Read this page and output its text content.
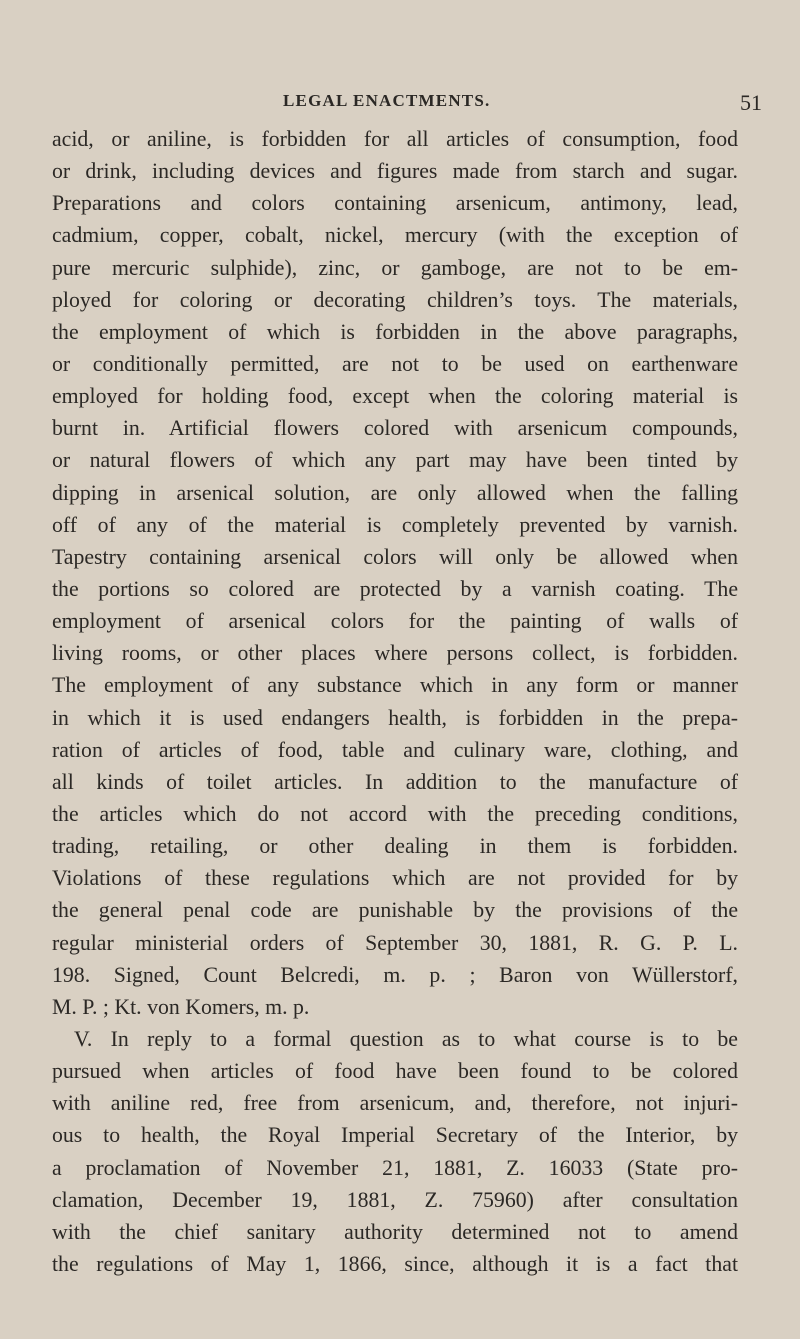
LEGAL ENACTMENTS.	51
acid, or aniline, is forbidden for all articles of consumption, food
or drink, including devices and figures made from starch and sugar.
Preparations and colors containing arsenicum, antimony, lead,
cadmium, copper, cobalt, nickel, mercury (with the exception of
pure mercuric sulphide), zinc, or gamboge, are not to be em-
ployed for coloring or decorating children’s toys. The materials,
the employment of which is forbidden in the above paragraphs,
or conditionally permitted, are not to be used on earthenware
employed for holding food, except when the coloring material is
burnt in. Artificial flowers colored with arsenicum compounds,
or natural flowers of which any part may have been tinted by
dipping in arsenical solution, are only allowed when the falling
off of any of the material is completely prevented by varnish.
Tapestry containing arsenical colors will only be allowed when
the portions so colored are protected by a varnish coating. The
employment of arsenical colors for the painting of walls of
living rooms, or other places where persons collect, is forbidden.
The employment of any substance which in any form or manner
in which it is used endangers health, is forbidden in the prepa-
ration of articles of food, table and culinary ware, clothing, and
all kinds of toilet articles. In addition to the manufacture of
the articles which do not accord with the preceding conditions,
trading, retailing, or other dealing in them is forbidden.
Violations of these regulations which are not provided for by
the general penal code are punishable by the provisions of the
regular ministerial orders of September 30, 1881, R. G. P. L.
198. Signed, Count Belcredi, m. p. ; Baron von Wüllerstorf,
M. P. ; Kt. von Komers, m. p.
V. In reply to a formal question as to what course is to be
pursued when articles of food have been found to be colored
with aniline red, free from arsenicum, and, therefore, not injuri-
ous to health, the Royal Imperial Secretary of the Interior, by
a proclamation of November 21, 1881, Z. 16033 (State pro-
clamation, December 19, 1881, Z. 75960) after consultation
with the chief sanitary authority determined not to amend
the regulations of May 1, 1866, since, although it is a fact that
